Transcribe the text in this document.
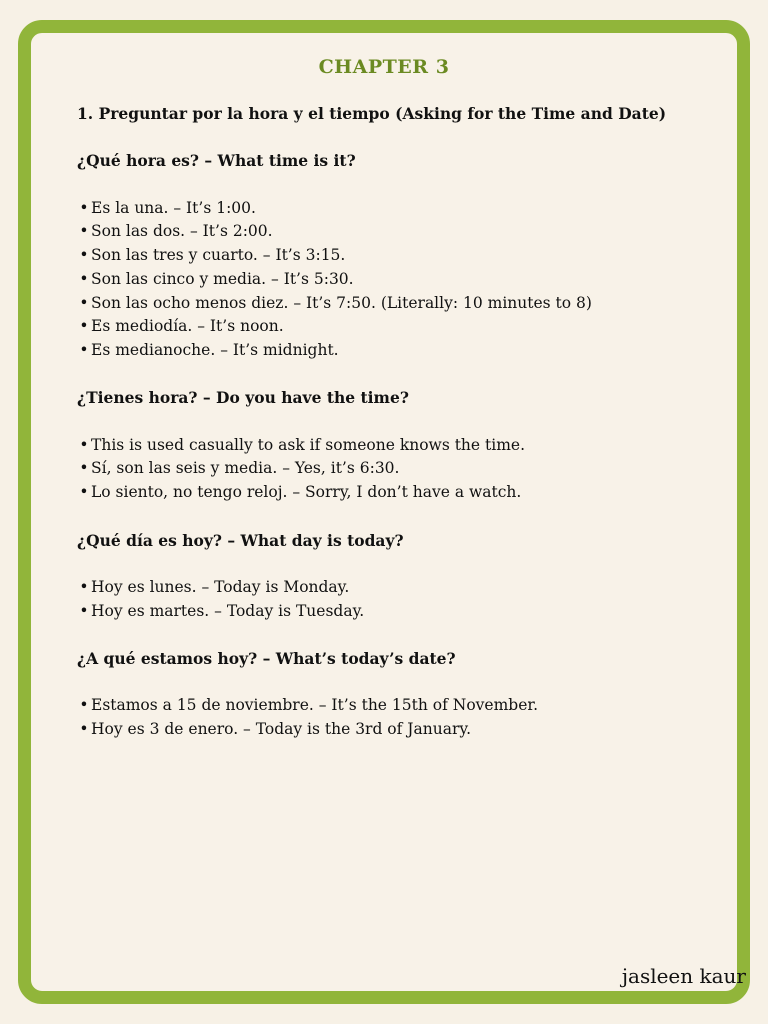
CHAPTER 3

1. Preguntar por la hora y el tiempo (Asking for the Time and Date)

¿Qué hora es? – What time is it?

• Es la una. – It’s 1:00.
• Son las dos. – It’s 2:00.
• Son las tres y cuarto. – It’s 3:15.
• Son las cinco y media. – It’s 5:30.
• Son las ocho menos diez. – It’s 7:50. (Literally: 10 minutes to 8)
• Es mediodía. – It’s noon.
• Es medianoche. – It’s midnight.

¿Tienes hora? – Do you have the time?

• This is used casually to ask if someone knows the time.
• Sí, son las seis y media. – Yes, it’s 6:30.
• Lo siento, no tengo reloj. – Sorry, I don’t have a watch.

¿Qué día es hoy? – What day is today?

• Hoy es lunes. – Today is Monday.
• Hoy es martes. – Today is Tuesday.

¿A qué estamos hoy? – What’s today’s date?

• Estamos a 15 de noviembre. – It’s the 15th of November.
• Hoy es 3 de enero. – Today is the 3rd of January.

jasleen kaur
